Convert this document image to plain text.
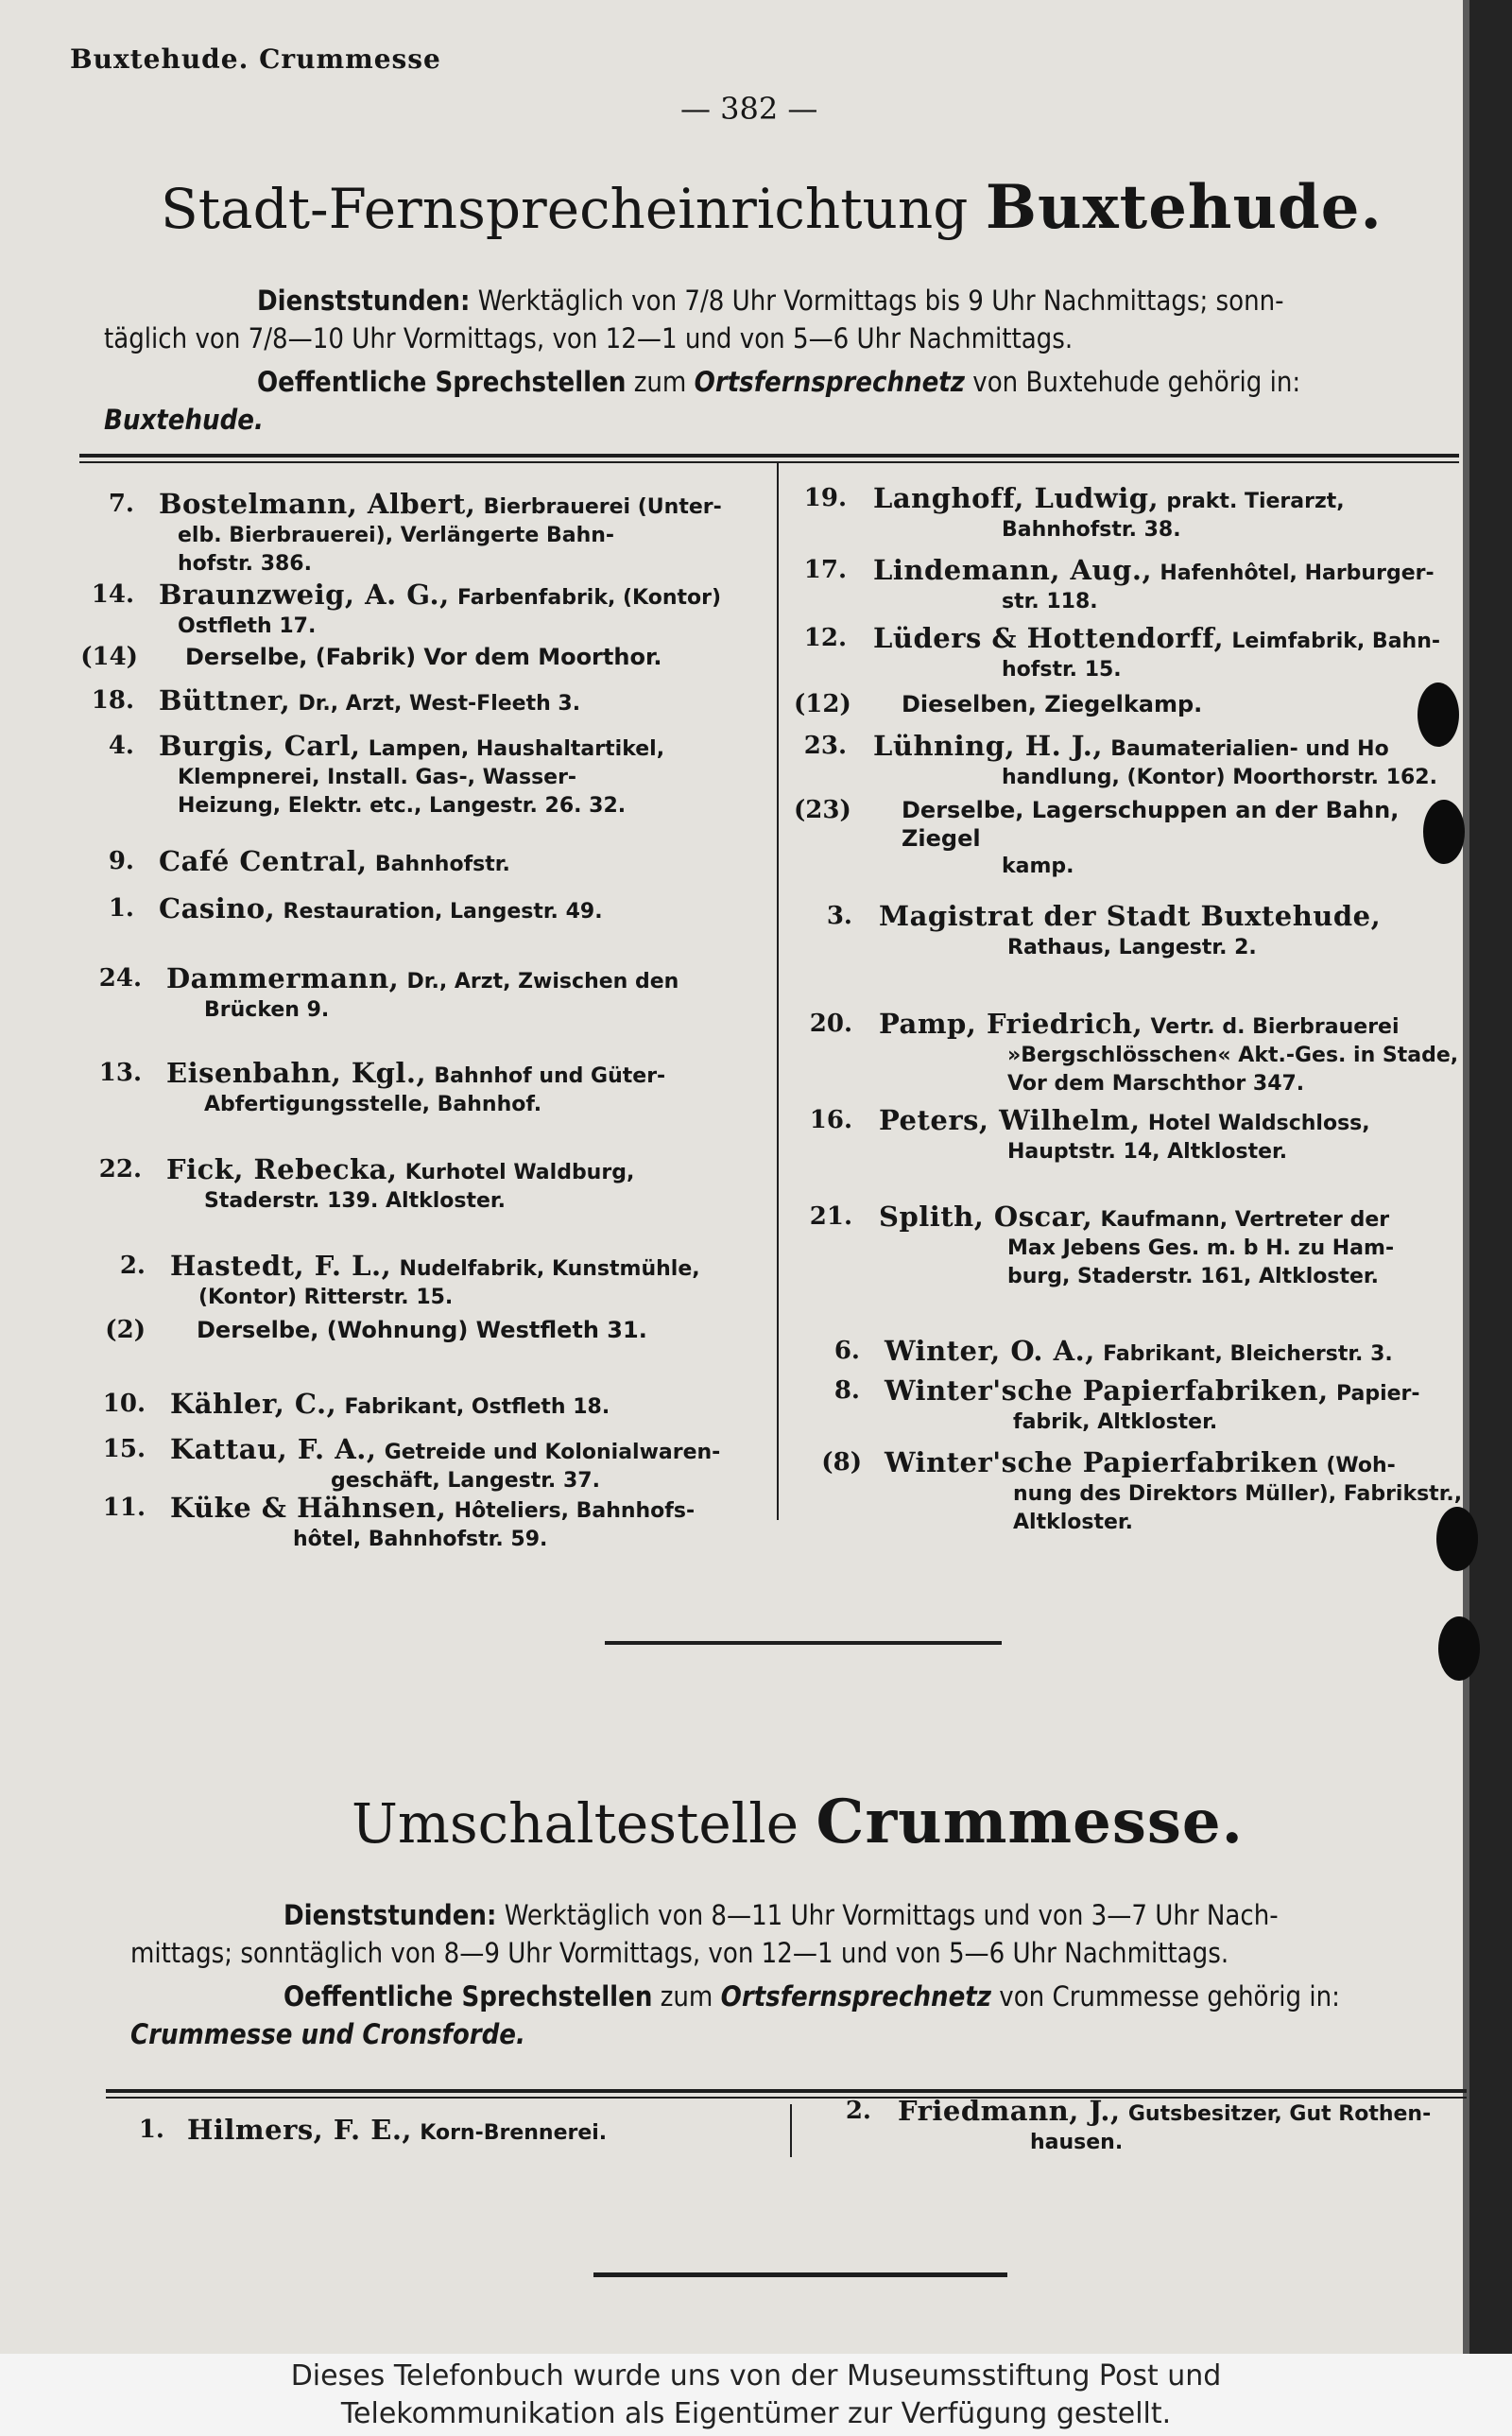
Buxtehude. Crummesse
— 382 —
Stadt-Fernsprecheinrichtung Buxtehude.
Dienststunden: Werktäglich von 7/8 Uhr Vormittags bis 9 Uhr Nachmittags; sonn-
täglich von 7/8—10 Uhr Vormittags, von 12—1 und von 5—6 Uhr Nachmittags.
Oeffentliche Sprechstellen zum Ortsfernsprechnetz von Buxtehude gehörig in:
Buxtehude.
7. Bostelmann, Albert, Bierbrauerei (Unter-
elb. Bierbrauerei), Verlängerte Bahn-
hofstr. 386.
14. Braunzweig, A. G., Farbenfabrik, (Kontor)
Ostfleth 17.
(14) Derselbe, (Fabrik) Vor dem Moorthor.
18. Büttner, Dr., Arzt, West-Fleeth 3.
4. Burgis, Carl, Lampen, Haushaltartikel,
Klempnerei, Install. Gas-, Wasser-
Heizung, Elektr. etc., Langestr. 26. 32.
9. Café Central, Bahnhofstr.
1. Casino, Restauration, Langestr. 49.
24. Dammermann, Dr., Arzt, Zwischen den
Brücken 9.
13. Eisenbahn, Kgl., Bahnhof und Güter-
Abfertigungsstelle, Bahnhof.
22. Fick, Rebecka, Kurhotel Waldburg,
Staderstr. 139. Altkloster.
2. Hastedt, F. L., Nudelfabrik, Kunstmühle,
(Kontor) Ritterstr. 15.
(2) Derselbe, (Wohnung) Westfleth 31.
10. Kähler, C., Fabrikant, Ostfleth 18.
15. Kattau, F. A., Getreide und Kolonialwaren-
geschäft, Langestr. 37.
11. Küke & Hähnsen, Hôteliers, Bahnhofs-
hôtel, Bahnhofstr. 59.
19. Langhoff, Ludwig, prakt. Tierarzt,
Bahnhofstr. 38.
17. Lindemann, Aug., Hafenhôtel, Harburger-
str. 118.
12. Lüders & Hottendorff, Leimfabrik, Bahn-
hofstr. 15.
(12) Dieselben, Ziegelkamp.
23. Lühning, H. J., Baumaterialien- und Ho
handlung, (Kontor) Moorthorstr. 162.
(23) Derselbe, Lagerschuppen an der Bahn, Ziegel
kamp.
3. Magistrat der Stadt Buxtehude,
Rathaus, Langestr. 2.
20. Pamp, Friedrich, Vertr. d. Bierbrauerei
»Bergschlösschen« Akt.-Ges. in Stade,
Vor dem Marschthor 347.
16. Peters, Wilhelm, Hotel Waldschloss,
Hauptstr. 14, Altkloster.
21. Splith, Oscar, Kaufmann, Vertreter der
Max Jebens Ges. m. b H. zu Ham-
burg, Staderstr. 161, Altkloster.
6. Winter, O. A., Fabrikant, Bleicherstr. 3.
8. Winter'sche Papierfabriken, Papier-
fabrik, Altkloster.
(8) Winter'sche Papierfabriken (Woh-
nung des Direktors Müller), Fabrikstr.,
Altkloster.
Umschaltestelle Crummesse.
Dienststunden: Werktäglich von 8—11 Uhr Vormittags und von 3—7 Uhr Nach-
mittags; sonntäglich von 8—9 Uhr Vormittags, von 12—1 und von 5—6 Uhr Nachmittags.
Oeffentliche Sprechstellen zum Ortsfernsprechnetz von Crummesse gehörig in:
Crummesse und Cronsforde.
1. Hilmers, F. E., Korn-Brennerei.
2. Friedmann, J., Gutsbesitzer, Gut Rothen-
hausen.
Dieses Telefonbuch wurde uns von der Museumsstiftung Post und
Telekommunikation als Eigentümer zur Verfügung gestellt.
